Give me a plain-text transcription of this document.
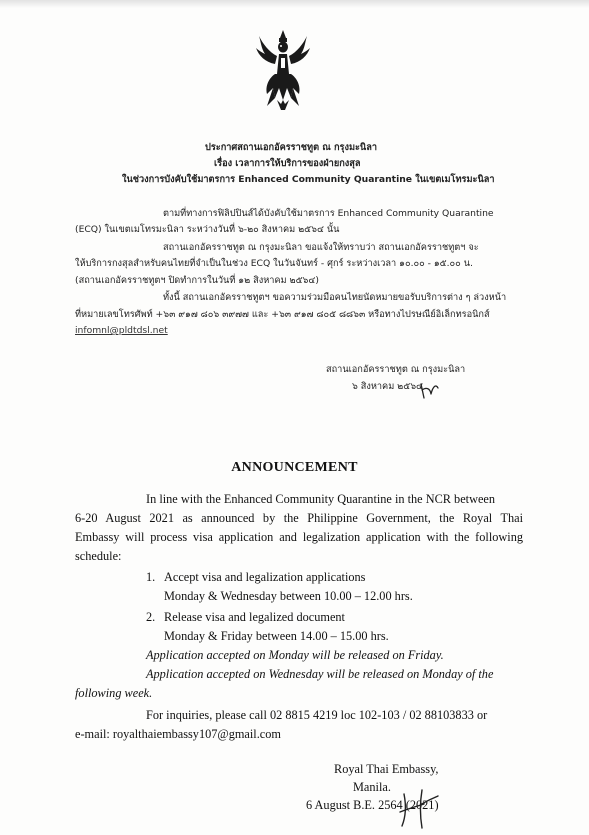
ประกาศสถานเอกอัครราชทูต ณ กรุงมะนิลา
เรื่อง เวลาการให้บริการของฝ่ายกงสุล
ในช่วงการบังคับใช้มาตรการ Enhanced Community Quarantine ในเขตเมโทรมะนิลา
ตามที่ทางการฟิลิปปินส์ได้บังคับใช้มาตรการ Enhanced Community Quarantine
(ECQ) ในเขตเมโทรมะนิลา ระหว่างวันที่ ๖-๒๐ สิงหาคม ๒๕๖๔ นั้น
สถานเอกอัครราชทูต ณ กรุงมะนิลา ขอแจ้งให้ทราบว่า สถานเอกอัครราชทูตฯ จะ
ให้บริการกงสุลสำหรับคนไทยที่จำเป็นในช่วง ECQ ในวันจันทร์ - ศุกร์ ระหว่างเวลา ๑๐.๐๐ - ๑๕.๐๐ น.
(สถานเอกอัครราชทูตฯ ปิดทำการในวันที่ ๑๒ สิงหาคม ๒๕๖๔)
ทั้งนี้ สถานเอกอัครราชทูตฯ ขอความร่วมมือคนไทยนัดหมายขอรับบริการต่าง ๆ ล่วงหน้า
ที่หมายเลขโทรศัพท์ +๖๓ ๙๑๗ ๘๐๖ ๓๙๗๗ และ +๖๓ ๙๑๗ ๘๐๕ ๘๘๖๓ หรือทางไปรษณีย์อิเล็กทรอนิกส์
infomnl@pldtdsl.net
สถานเอกอัครราชทูต ณ กรุงมะนิลา
๖ สิงหาคม ๒๕๖๔
ANNOUNCEMENT
In line with the Enhanced Community Quarantine in the NCR between
6-20 August 2021 as announced by the Philippine Government, the Royal Thai
Embassy will process visa application and legalization application with the following
schedule:
1. Accept visa and legalization applications
Monday & Wednesday between 10.00 – 12.00 hrs.
2. Release visa and legalized document
Monday & Friday between 14.00 – 15.00 hrs.
Application accepted on Monday will be released on Friday.
Application accepted on Wednesday will be released on Monday of the
following week.
For inquiries, please call 02 8815 4219 loc 102-103 / 02 88103833 or
e-mail: royalthaiembassy107@gmail.com
Royal Thai Embassy,
Manila.
6 August B.E. 2564 (2021)
